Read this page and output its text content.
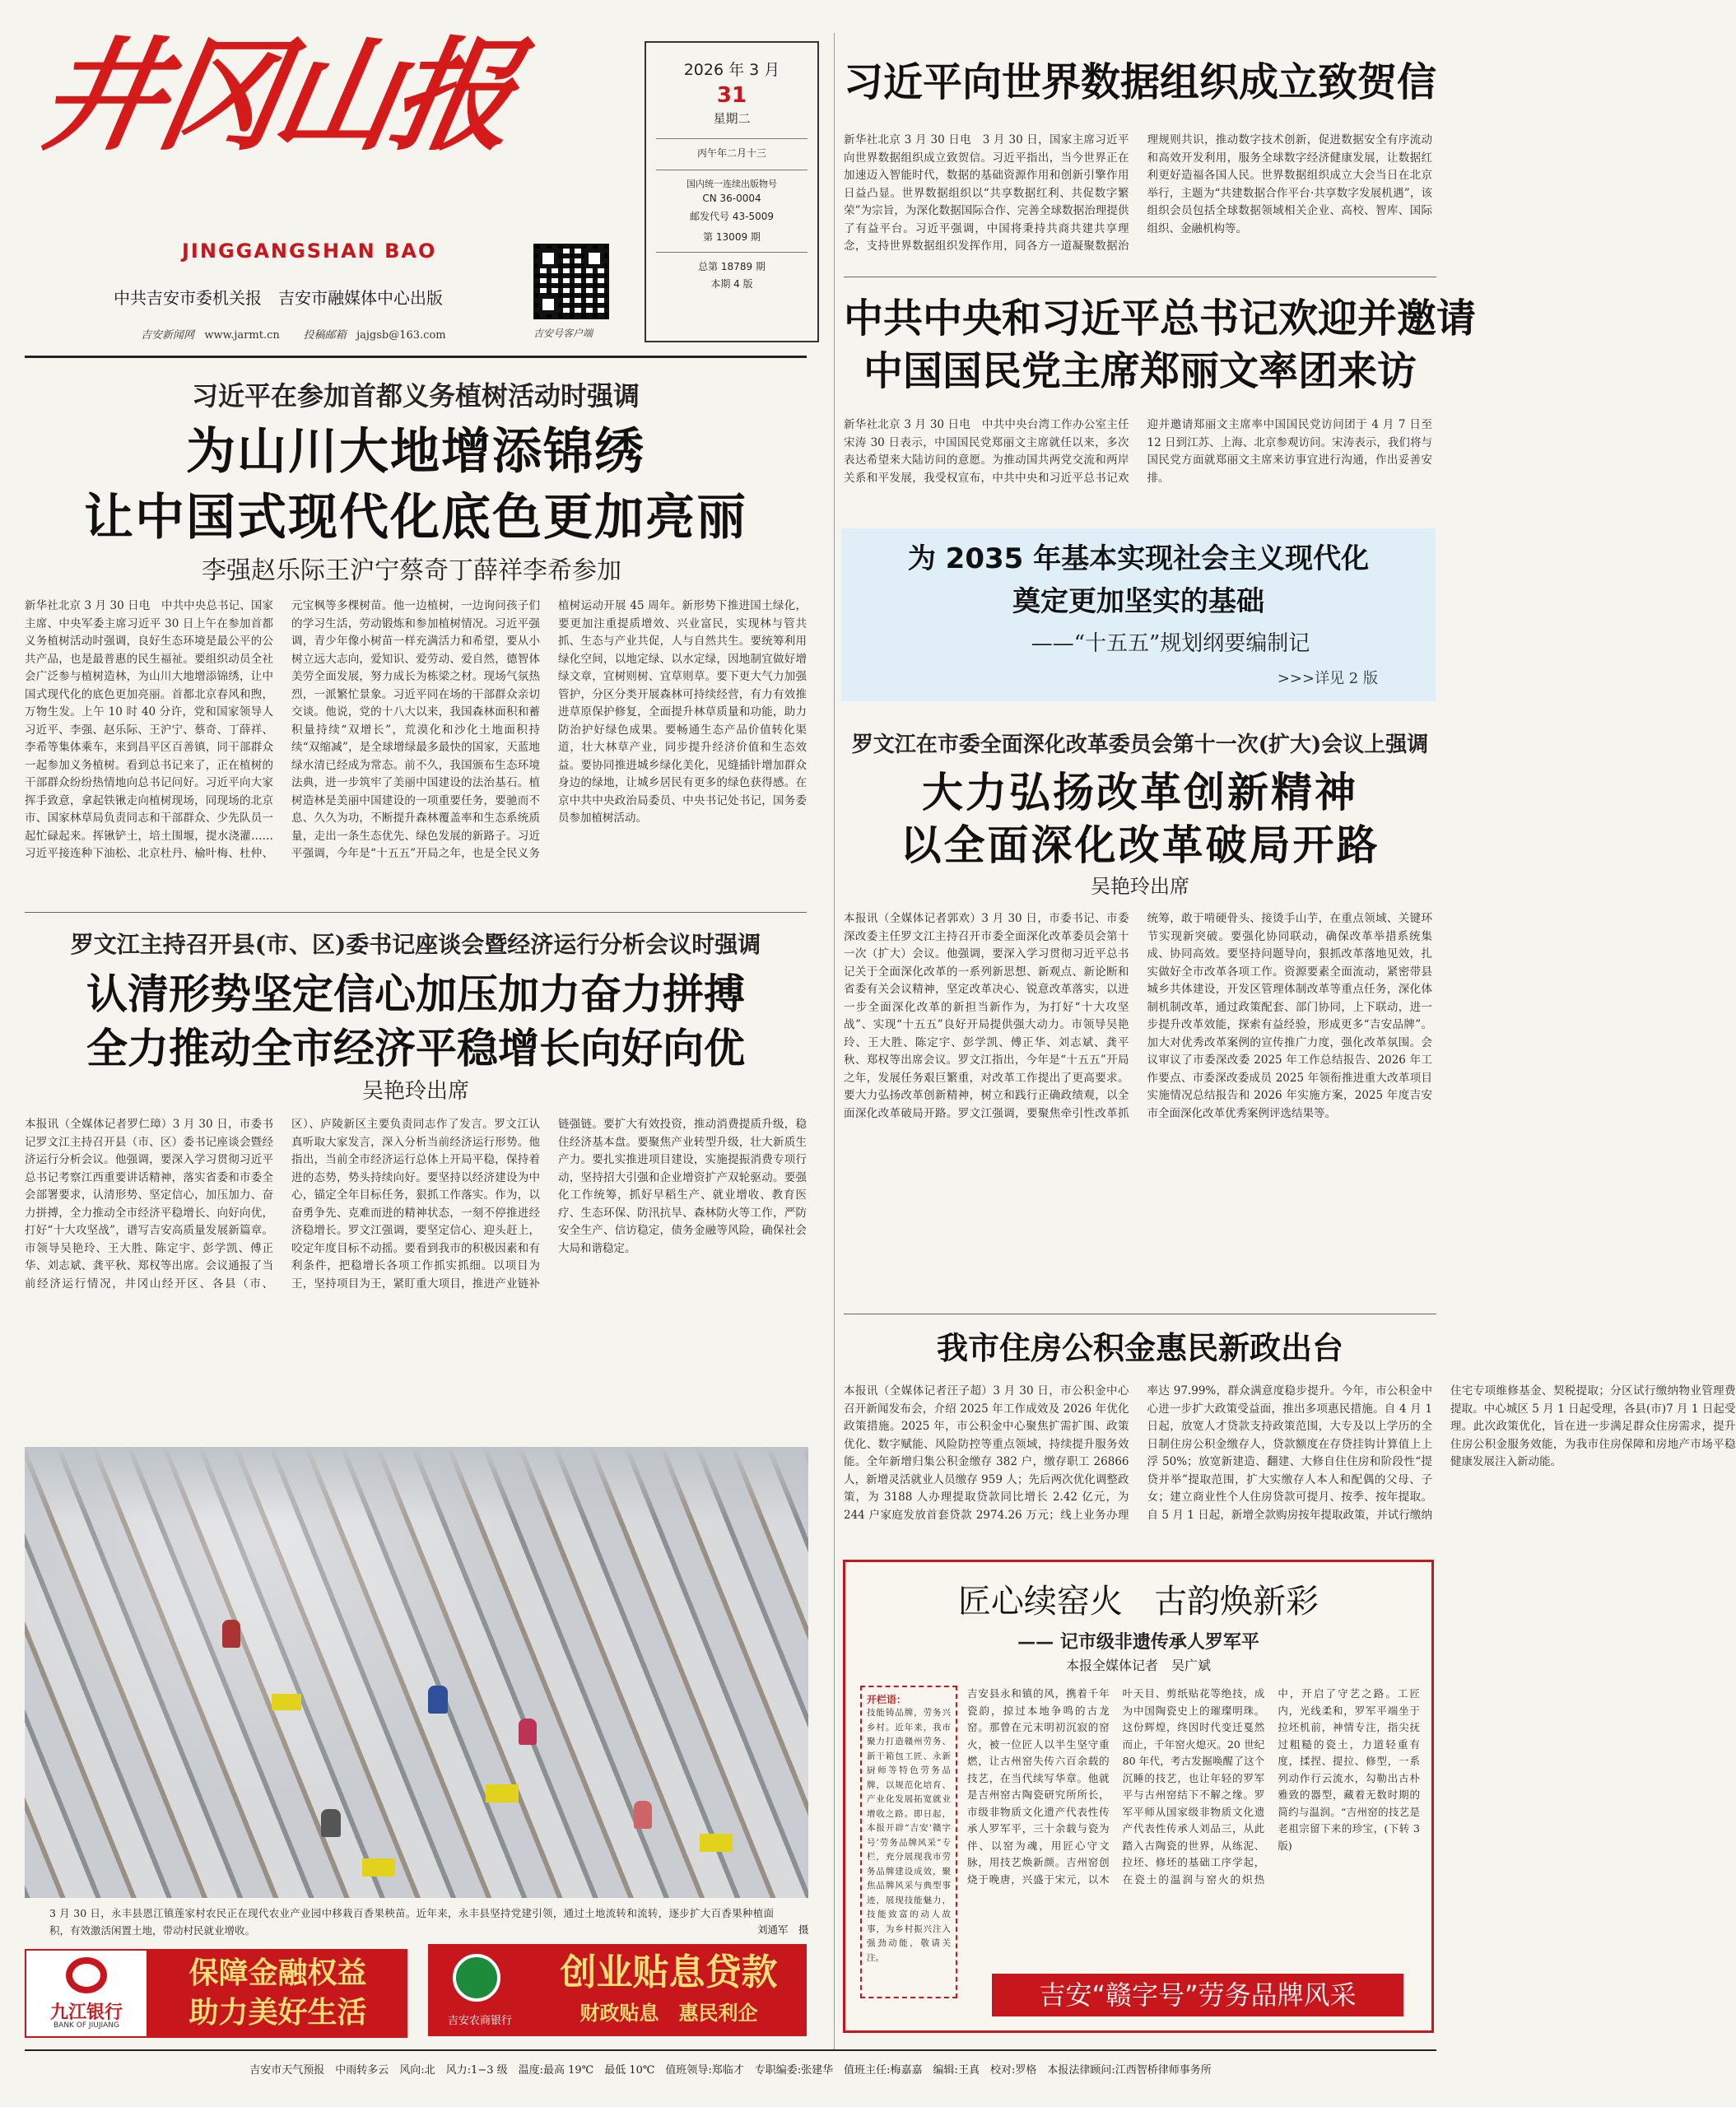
井冈山报
JINGGANGSHAN BAO
中共吉安市委机关报　吉安市融媒体中心出版
吉安新闻网 www.jarmt.cn 投稿邮箱 jajgsb@163.com	吉安号客户端
2026 年 3 月
31
星期二
丙午年二月十三
国内统一连续出版物号
CN 36-0004
邮发代号 43-5009
第 13009 期
总第 18789 期
本期 4 版
习近平向世界数据组织成立致贺信
新华社北京 3 月 30 日电　3 月 30 日，国家主席习近平向世界数据组织成立致贺信。习近平指出，当今世界正在加速迈入智能时代，数据的基础资源作用和创新引擎作用日益凸显。世界数据组织以“共享数据红利、共促数字繁荣”为宗旨，为深化数据国际合作、完善全球数据治理提供了有益平台。习近平强调，中国将秉持共商共建共享理念，支持世界数据组织发挥作用，同各方一道凝聚数据治理规则共识，推动数字技术创新，促进数据安全有序流动和高效开发利用，服务全球数字经济健康发展，让数据红利更好造福各国人民。世界数据组织成立大会当日在北京举行，主题为“共建数据合作平台·共享数字发展机遇”，该组织会员包括全球数据领域相关企业、高校、智库、国际组织、金融机构等。
中共中央和习近平总书记欢迎并邀请
中国国民党主席郑丽文率团来访
新华社北京 3 月 30 日电　中共中央台湾工作办公室主任宋涛 30 日表示，中国国民党郑丽文主席就任以来，多次表达希望来大陆访问的意愿。为推动国共两党交流和两岸关系和平发展，我受权宣布，中共中央和习近平总书记欢迎并邀请郑丽文主席率中国国民党访问团于 4 月 7 日至 12 日到江苏、上海、北京参观访问。宋涛表示，我们将与国民党方面就郑丽文主席来访事宜进行沟通，作出妥善安排。
为 2035 年基本实现社会主义现代化
奠定更加坚实的基础
——“十五五”规划纲要编制记
>>>详见 2 版
罗文江在市委全面深化改革委员会第十一次(扩大)会议上强调
大力弘扬改革创新精神
以全面深化改革破局开路
吴艳玲出席
本报讯（全媒体记者郭欢）3 月 30 日，市委书记、市委深改委主任罗文江主持召开市委全面深化改革委员会第十一次（扩大）会议。他强调，要深入学习贯彻习近平总书记关于全面深化改革的一系列新思想、新观点、新论断和省委有关会议精神，坚定改革决心、锐意改革落实，以进一步全面深化改革的新担当新作为，为打好“十大攻坚战”、实现“十五五”良好开局提供强大动力。市领导吴艳玲、王大胜、陈定宇、彭学凯、傅正华、刘志斌、龚平秋、郑权等出席会议。罗文江指出，今年是“十五五”开局之年，发展任务艰巨繁重，对改革工作提出了更高要求。要大力弘扬改革创新精神，树立和践行正确政绩观，以全面深化改革破局开路。罗文江强调，要聚焦牵引性改革抓统筹，敢于啃硬骨头、接烫手山芋，在重点领域、关键环节实现新突破。要强化协同联动，确保改革举措系统集成、协同高效。要坚持问题导向，狠抓改革落地见效，扎实做好全市改革各项工作。资源要素全面流动，紧密带县城乡共体建设，开发区管理体制改革等重点任务，深化体制机制改革，通过政策配套、部门协同，上下联动，进一步提升改革效能，探索有益经验，形成更多“吉安品牌”。加大对优秀改革案例的宣传推广力度，强化改革氛围。会议审议了市委深改委 2025 年工作总结报告、2026 年工作要点、市委深改委成员 2025 年领衔推进重大改革项目实施情况总结报告和 2026 年实施方案，2025 年度吉安市全面深化改革优秀案例评选结果等。
我市住房公积金惠民新政出台
本报讯（全媒体记者汪子超）3 月 30 日，市公积金中心召开新闻发布会，介绍 2025 年工作成效及 2026 年优化政策措施。2025 年，市公积金中心聚焦扩需扩围、政策优化、数字赋能、风险防控等重点领域，持续提升服务效能。全年新增归集公积金缴存 382 户，缴存职工 26866 人，新增灵活就业人员缴存 959 人；先后两次优化调整政策，为 3188 人办理提取贷款同比增长 2.42 亿元，为 244 户家庭发放首套贷款 2974.26 万元；线上业务办理率达 97.99%，群众满意度稳步提升。今年，市公积金中心进一步扩大政策受益面，推出多项惠民措施。自 4 月 1 日起，放宽人才贷款支持政策范围，大专及以上学历的全日制住房公积金缴存人，贷款额度在存贷挂钩计算值上上浮 50%；放宽新建造、翻建、大修自住住房和阶段性“提贷并举”提取范围，扩大实缴存人本人和配偶的父母、子女；建立商业性个人住房贷款可提月、按季、按年提取。自 5 月 1 日起，新增全款购房按年提取政策，并试行缴纳住宅专项维修基金、契税提取；分区试行缴纳物业管理费提取。中心城区 5 月 1 日起受理，各县(市)7 月 1 日起受理。此次政策优化，旨在进一步满足群众住房需求，提升住房公积金服务效能，为我市住房保障和房地产市场平稳健康发展注入新动能。
匠心续窑火 古韵焕新彩
—— 记市级非遗传承人罗军平
本报全媒体记者　吴广斌
开栏语：
技能铸品牌，劳务兴乡村。近年来，我市聚力打造赣州劳务、新干箱包工匠、永新厨师等特色劳务品牌，以规范化培育、产业化发展拓宽就业增收之路。即日起，本报开辟“吉安‘赣字号’劳务品牌风采”专栏，充分展现我市劳务品牌建设成效，聚焦品牌风采与典型事迹，展现技能魅力，技能致富的动人故事，为乡村振兴注入强劲动能，敬请关注。
吉安县永和镇的风，携着千年瓷韵，掠过本地争鸣的古龙窑。那曾在元末明初沉寂的窑火，被一位匠人以半生坚守重燃，让古州窑失传六百余载的技艺，在当代续写华章。他就是吉州窑古陶瓷研究所所长，市级非物质文化遗产代表性传承人罗军平，三十余载与瓷为伴、以窑为魂，用匠心守文脉，用技艺焕新颜。吉州窑创烧于晚唐，兴盛于宋元，以木叶天目、剪纸贴花等绝技，成为中国陶瓷史上的璀璨明珠。这份辉煌，终因时代变迁戛然而止，千年窑火熄灭。20 世纪 80 年代，考古发掘唤醒了这个沉睡的技艺，也让年轻的罗军平与古州窑结下不解之缘。罗军平师从国家级非物质文化遗产代表性传承人刘品三，从此踏入古陶瓷的世界，从练泥、拉坯、修坯的基础工序学起，在瓷土的温润与窑火的炽热中，开启了守艺之路。工匠内，光线柔和，罗军平端坐于拉坯机前，神情专注，指尖抚过粗糙的瓷土，力道轻重有度，揉捏、提拉、修型，一系列动作行云流水，勾勒出古朴雅致的器型，藏着无数时期的简约与温润。“吉州窑的技艺是老祖宗留下来的珍宝，(下转 3 版)
吉安“赣字号”劳务品牌风采
习近平在参加首都义务植树活动时强调
为山川大地增添锦绣
让中国式现代化底色更加亮丽
李强赵乐际王沪宁蔡奇丁薛祥李希参加
新华社北京 3 月 30 日电　中共中央总书记、国家主席、中央军委主席习近平 30 日上午在参加首都义务植树活动时强调，良好生态环境是最公平的公共产品，也是最普惠的民生福祉。要组织动员全社会广泛参与植树造林，为山川大地增添锦绣，让中国式现代化的底色更加亮丽。首都北京春风和煦，万物生发。上午 10 时 40 分许，党和国家领导人习近平、李强、赵乐际、王沪宁、蔡奇、丁薛祥、李希等集体乘车，来到昌平区百善镇，同干部群众一起参加义务植树。看到总书记来了，正在植树的干部群众纷纷热情地向总书记问好。习近平向大家挥手致意，拿起铁锹走向植树现场，同现场的北京市、国家林草局负责同志和干部群众、少先队员一起忙碌起来。挥锹铲土，培土围堰，提水浇灌……习近平接连种下油松、北京杜丹、榆叶梅、杜仲、元宝枫等多棵树苗。他一边植树，一边询问孩子们的学习生活，劳动锻炼和参加植树情况。习近平强调，青少年像小树苗一样充满活力和希望，要从小树立远大志向，爱知识、爱劳动、爱自然，德智体美劳全面发展，努力成长为栋梁之材。现场气氛热烈，一派繁忙景象。习近平同在场的干部群众亲切交谈。他说，党的十八大以来，我国森林面积和蓄积量持续“双增长”，荒漠化和沙化土地面积持续“双缩减”，是全球增绿最多最快的国家，天蓝地绿水清已经成为常态。前不久，我国颁布生态环境法典，进一步筑牢了美丽中国建设的法治基石。植树造林是美丽中国建设的一项重要任务，要驰而不息、久久为功，不断提升森林覆盖率和生态系统质量，走出一条生态优先、绿色发展的新路子。习近平强调，今年是“十五五”开局之年，也是全民义务植树运动开展 45 周年。新形势下推进国土绿化，要更加注重提质增效、兴业富民，实现林与管共抓、生态与产业共促，人与自然共生。要统筹利用绿化空间，以地定绿、以水定绿，因地制宜做好增绿文章，宜树则树、宜草则草。要下更大气力加强管护，分区分类开展森林可持续经营，有力有效推进草原保护修复，全面提升林草质量和功能，助力防治护好绿色成果。要畅通生态产品价值转化渠道，壮大林草产业，同步提升经济价值和生态效益。要协同推进城乡绿化美化，见缝插针增加群众身边的绿地，让城乡居民有更多的绿色获得感。在京中共中央政治局委员、中央书记处书记，国务委员参加植树活动。
罗文江主持召开县(市、区)委书记座谈会暨经济运行分析会议时强调
认清形势坚定信心加压加力奋力拼搏
全力推动全市经济平稳增长向好向优
吴艳玲出席
本报讯（全媒体记者罗仁璋）3 月 30 日，市委书记罗文江主持召开县（市、区）委书记座谈会暨经济运行分析会议。他强调，要深入学习贯彻习近平总书记考察江西重要讲话精神，落实省委和市委全会部署要求，认清形势、坚定信心，加压加力、奋力拼搏，全力推动全市经济平稳增长、向好向优，打好“十大攻坚战”，谱写吉安高质量发展新篇章。市领导吴艳玲、王大胜、陈定宇、彭学凯、傅正华、刘志斌、龚平秋、郑权等出席。会议通报了当前经济运行情况，井冈山经开区、各县（市、区）、庐陵新区主要负责同志作了发言。罗文江认真听取大家发言，深入分析当前经济运行形势。他指出，当前全市经济运行总体上开局平稳，保持着进的态势，势头持续向好。要坚持以经济建设为中心，锚定全年目标任务，狠抓工作落实。作为，以奋勇争先、克难而进的精神状态，一刻不停推进经济稳增长。罗文江强调，要坚定信心、迎头赶上，咬定年度目标不动摇。要看到我市的积极因素和有利条件，把稳增长各项工作抓实抓细。以项目为王，坚持项目为王，紧盯重大项目，推进产业链补链强链。要扩大有效投资，推动消费提质升级，稳住经济基本盘。要聚焦产业转型升级，壮大新质生产力。要扎实推进项目建设，实施提振消费专项行动，坚持招大引强和企业增资扩产双轮驱动。要强化工作统筹，抓好早稻生产、就业增收、教育医疗、生态环保、防汛抗旱、森林防火等工作，严防安全生产、信访稳定，债务金融等风险，确保社会大局和谐稳定。
3 月 30 日，永丰县恩江镇莲家村农民正在现代农业产业园中移栽百香果秧苗。近年来，永丰县坚持党建引领，通过土地流转和流转，逐步扩大百香果种植面积，有效激活闲置土地，带动村民就业增收。	刘通军　摄
九江银行
BANK OF JIUJIANG
保障金融权益
助力美好生活	吉安农商银行
创业贴息贷款
财政贴息　惠民利企
吉安市天气预报　中雨转多云　风向:北　风力:1−3 级　温度:最高 19℃　最低 10℃　值班领导:郑临才　专职编委:张建华　值班主任:梅嘉嘉　编辑:王真　校对:罗格　本报法律顾问:江西智桥律师事务所
